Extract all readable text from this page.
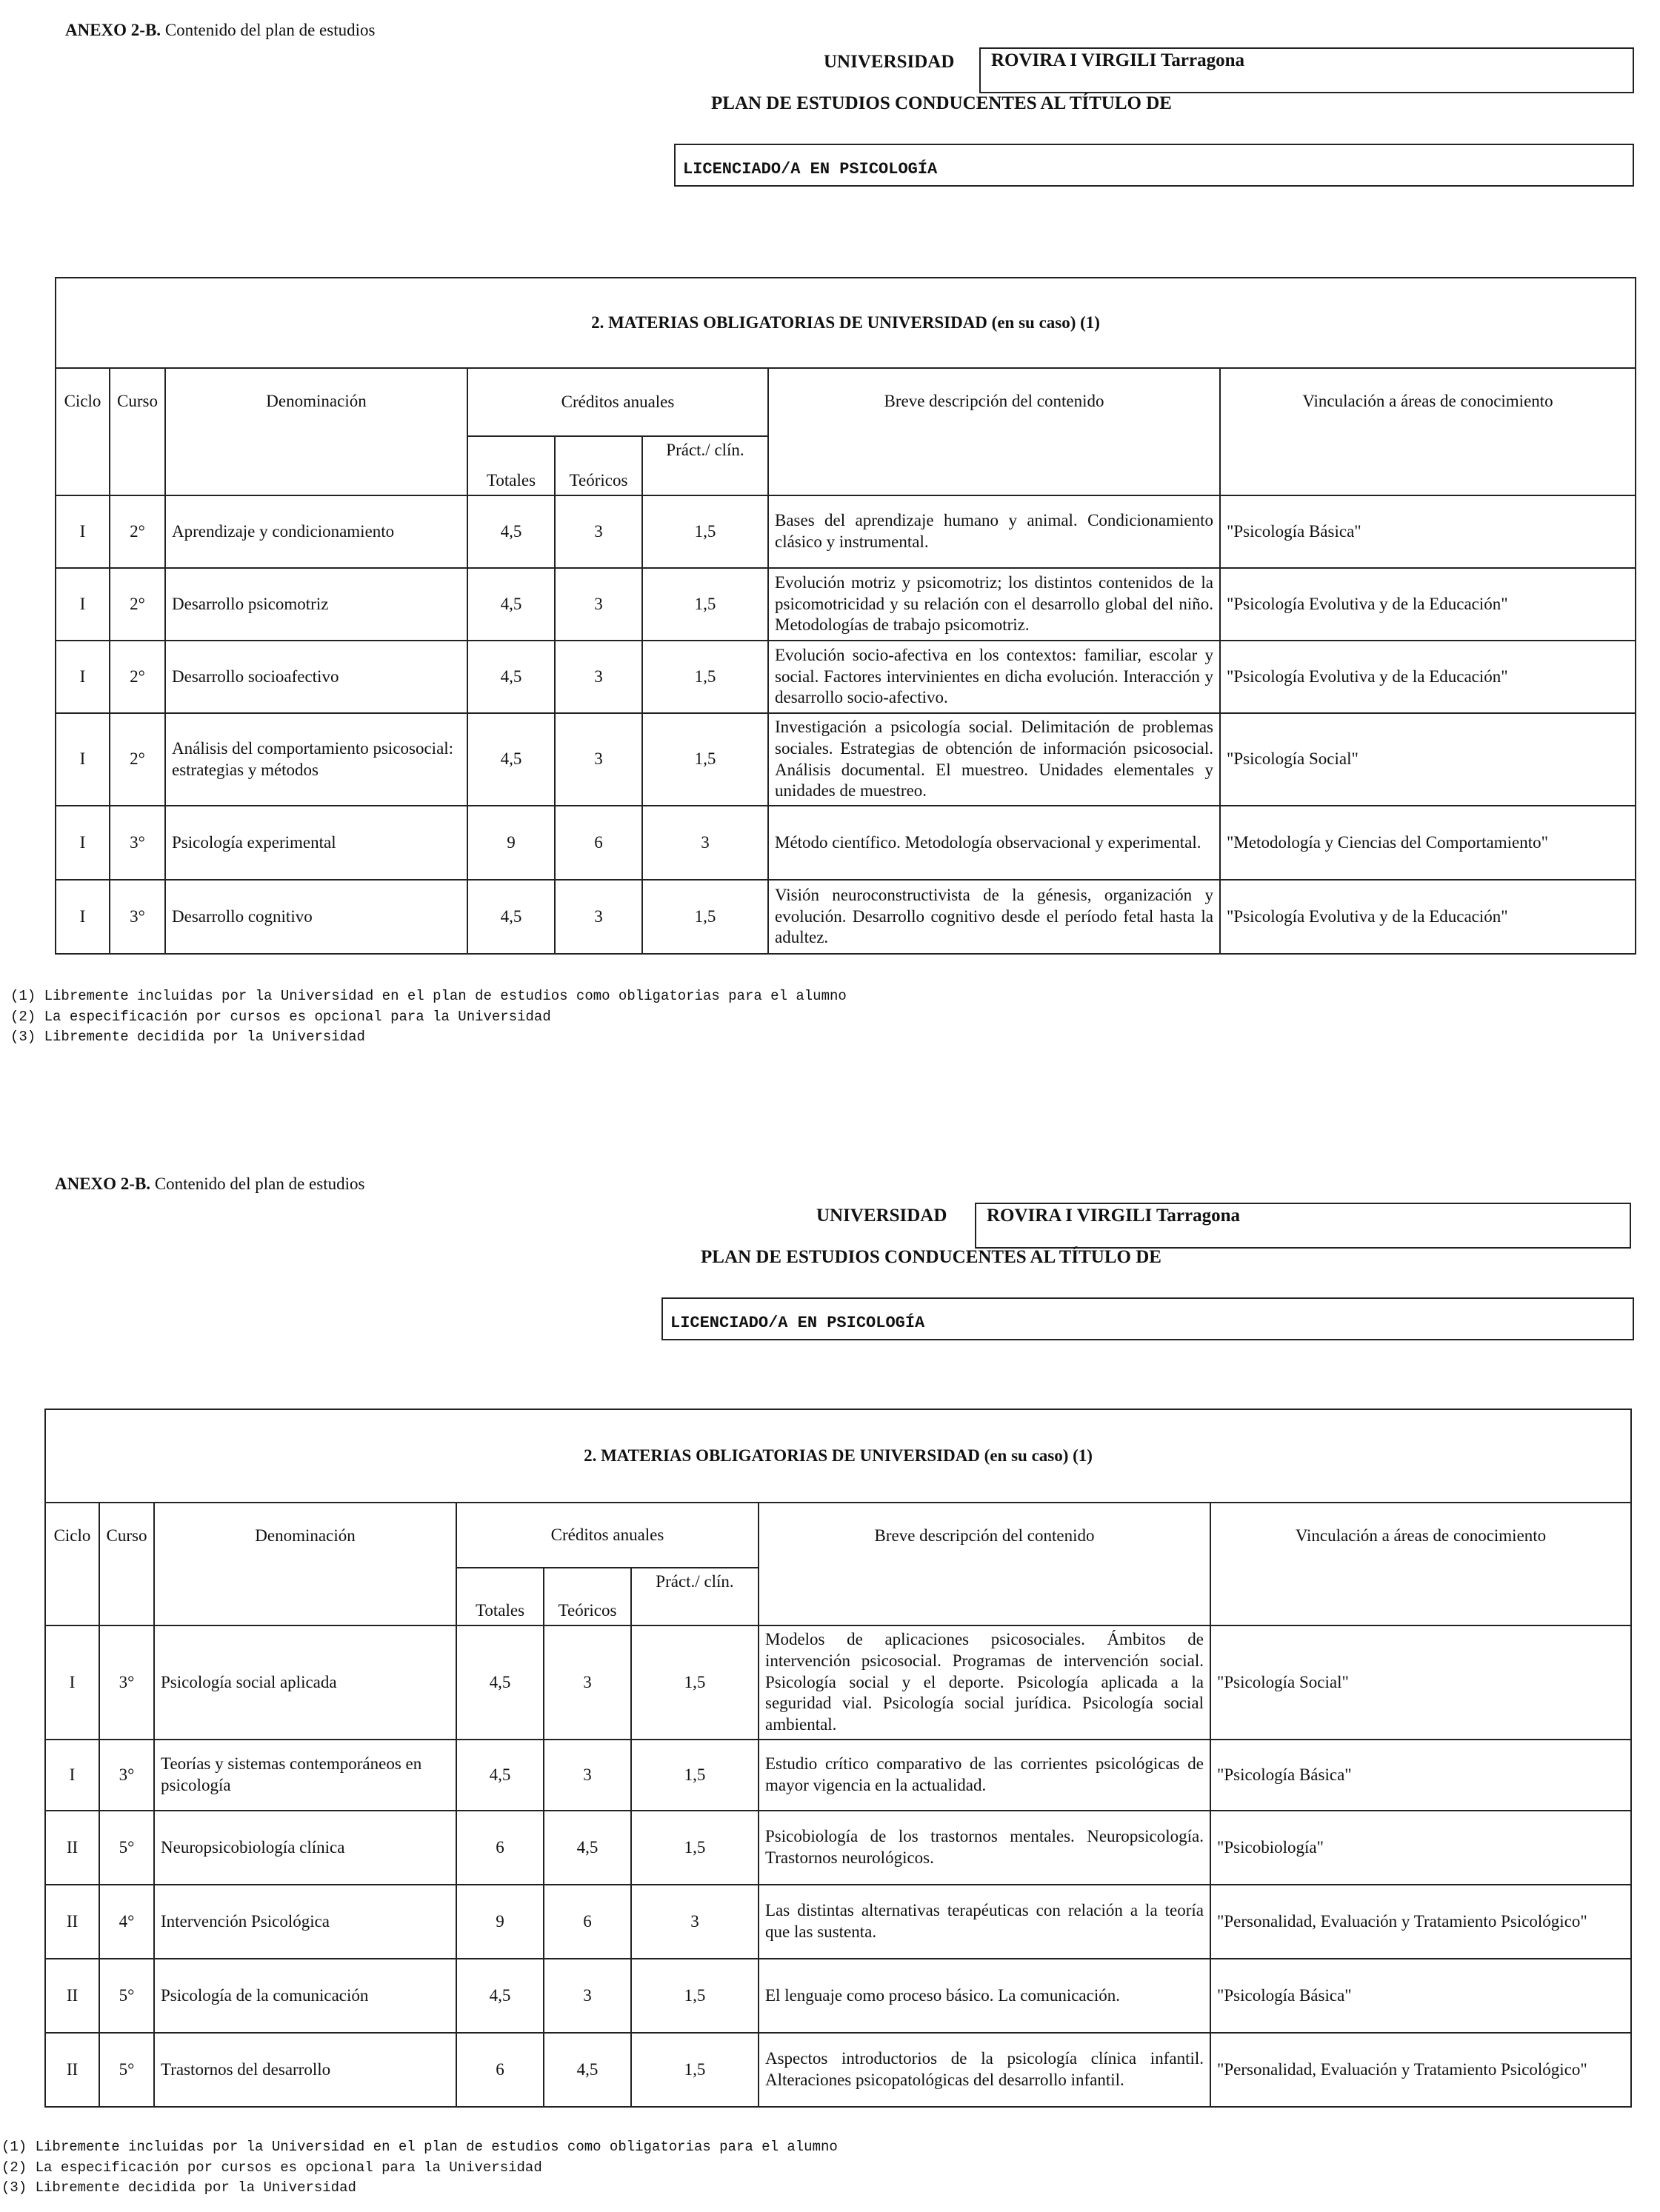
ANEXO 2-B. Contenido del plan de estudios
UNIVERSIDAD	ROVIRA I VIRGILI Tarragona
PLAN DE ESTUDIOS CONDUCENTES AL TÍTULO DE
LICENCIADO/A EN PSICOLOGÍA
2. MATERIAS OBLIGATORIAS DE UNIVERSIDAD (en su caso) (1)							
Ciclo	Curso	Denominación	Créditos anuales			Breve descripción del contenido	Vinculación a áreas de conocimiento
			Totales	Teóricos	Práct./ clín.		
I	2°	Aprendizaje y condicionamiento	4,5	3	1,5	Bases del aprendizaje humano y animal. Condicionamiento clásico y instrumental.	"Psicología Básica"
I	2°	Desarrollo psicomotriz	4,5	3	1,5	Evolución motriz y psicomotriz; los distintos contenidos de la psicomotricidad y su relación con el desarrollo global del niño. Metodologías de trabajo psicomotriz.	"Psicología Evolutiva y de la Educación"
I	2°	Desarrollo socioafectivo	4,5	3	1,5	Evolución socio-afectiva en los contextos: familiar, escolar y social. Factores intervinientes en dicha evolución. Interacción y desarrollo socio-afectivo.	"Psicología Evolutiva y de la Educación"
I	2°	Análisis del comportamiento psicosocial: estrategias y métodos	4,5	3	1,5	Investigación a psicología social. Delimitación de problemas sociales. Estrategias de obtención de información psicosocial. Análisis documental. El muestreo. Unidades elementales y unidades de muestreo.	"Psicología Social"
I	3°	Psicología experimental	9	6	3	Método científico. Metodología observacional y experimental.	"Metodología y Ciencias del Comportamiento"
I	3°	Desarrollo cognitivo	4,5	3	1,5	Visión neuroconstructivista de la génesis, organización y evolución. Desarrollo cognitivo desde el período fetal hasta la adultez.	"Psicología Evolutiva y de la Educación"
(1) Libremente incluidas por la Universidad en el plan de estudios como obligatorias para el alumno
(2) La especificación por cursos es opcional para la Universidad
(3) Libremente decidida por la Universidad
ANEXO 2-B. Contenido del plan de estudios
UNIVERSIDAD	ROVIRA I VIRGILI Tarragona
PLAN DE ESTUDIOS CONDUCENTES AL TÍTULO DE
LICENCIADO/A EN PSICOLOGÍA
2. MATERIAS OBLIGATORIAS DE UNIVERSIDAD (en su caso) (1)							
Ciclo	Curso	Denominación	Créditos anuales			Breve descripción del contenido	Vinculación a áreas de conocimiento
			Totales	Teóricos	Práct./ clín.		
I	3°	Psicología social aplicada	4,5	3	1,5	Modelos de aplicaciones psicosociales. Ámbitos de intervención psicosocial. Programas de intervención social. Psicología social y el deporte. Psicología aplicada a la seguridad vial. Psicología social jurídica. Psicología social ambiental.	"Psicología Social"
I	3°	Teorías y sistemas contemporáneos en psicología	4,5	3	1,5	Estudio crítico comparativo de las corrientes psicológicas de mayor vigencia en la actualidad.	"Psicología Básica"
II	5°	Neuropsicobiología clínica	6	4,5	1,5	Psicobiología de los trastornos mentales. Neuropsicología. Trastornos neurológicos.	"Psicobiología"
II	4°	Intervención Psicológica	9	6	3	Las distintas alternativas terapéuticas con relación a la teoría que las sustenta.	"Personalidad, Evaluación y Tratamiento Psicológico"
II	5°	Psicología de la comunicación	4,5	3	1,5	El lenguaje como proceso básico. La comunicación.	"Psicología Básica"
II	5°	Trastornos del desarrollo	6	4,5	1,5	Aspectos introductorios de la psicología clínica infantil. Alteraciones psicopatológicas del desarrollo infantil.	"Personalidad, Evaluación y Tratamiento Psicológico"
(1) Libremente incluidas por la Universidad en el plan de estudios como obligatorias para el alumno
(2) La especificación por cursos es opcional para la Universidad
(3) Libremente decidida por la Universidad
